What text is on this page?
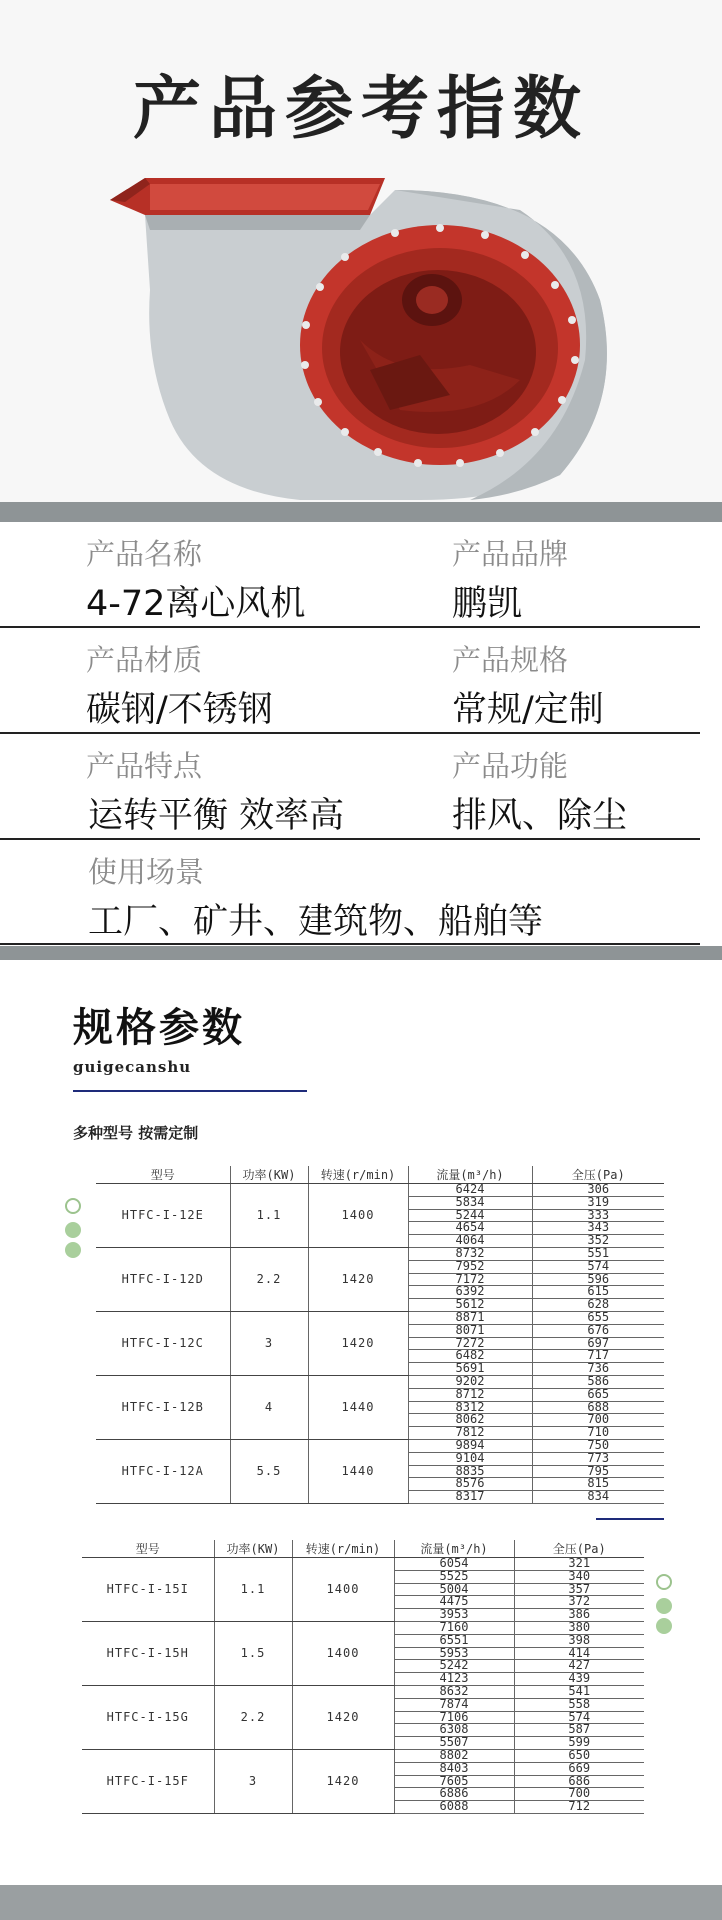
产品参考指数
产品名称	产品品牌
4-72离心风机	鹏凯
产品材质	产品规格
碳钢/不锈钢	常规/定制
产品特点	产品功能
运转平衡 效率高	排风、除尘
使用场景
工厂、矿井、建筑物、船舶等
规格参数
guigecanshu
多种型号 按需定制
型号	功率(KW)	转速(r/min)	流量(m³/h)	全压(Pa)
HTFC-I-12E	1.1	1400	6424	306
			5834	319
			5244	333
			4654	343
			4064	352
HTFC-I-12D	2.2	1420	8732	551
			7952	574
			7172	596
			6392	615
			5612	628
HTFC-I-12C	3	1420	8871	655
			8071	676
			7272	697
			6482	717
			5691	736
HTFC-I-12B	4	1440	9202	586
			8712	665
			8312	688
			8062	700
			7812	710
HTFC-I-12A	5.5	1440	9894	750
			9104	773
			8835	795
			8576	815
			8317	834
型号	功率(KW)	转速(r/min)	流量(m³/h)	全压(Pa)
HTFC-I-15I	1.1	1400	6054	321
			5525	340
			5004	357
			4475	372
			3953	386
HTFC-I-15H	1.5	1400	7160	380
			6551	398
			5953	414
			5242	427
			4123	439
HTFC-I-15G	2.2	1420	8632	541
			7874	558
			7106	574
			6308	587
			5507	599
HTFC-I-15F	3	1420	8802	650
			8403	669
			7605	686
			6886	700
			6088	712
